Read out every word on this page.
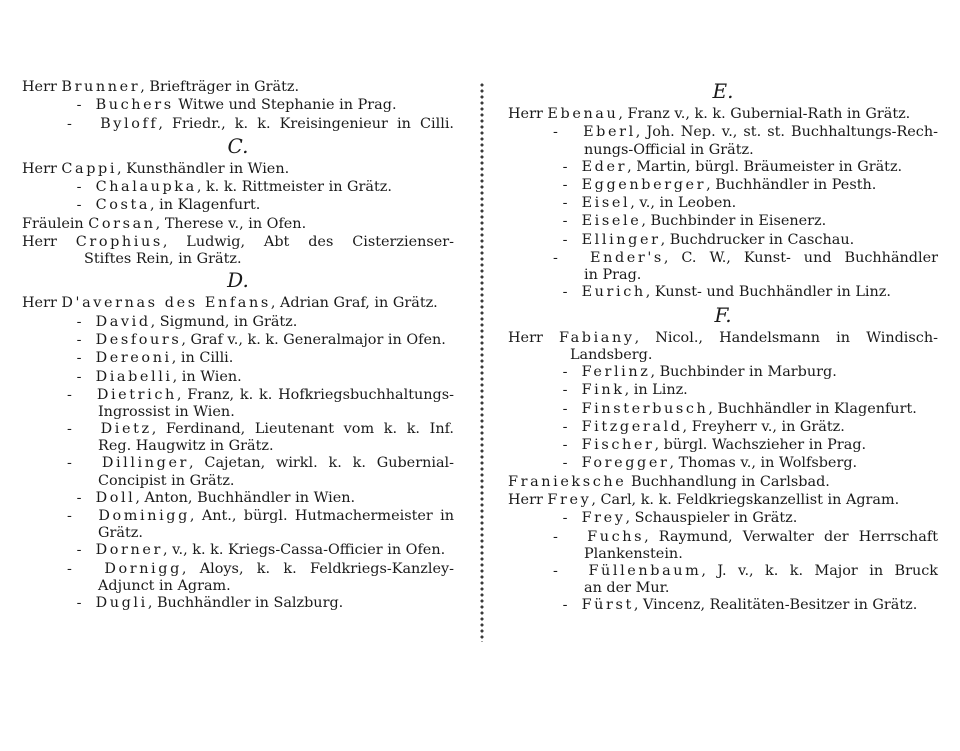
Herr Brunner, Briefträger in Grätz.
- Buchers Witwe und Stephanie in Prag.
- Byloff, Friedr., k. k. Kreisingenieur in Cilli.
C.
Herr Cappi, Kunsthändler in Wien.
- Chalaupka, k. k. Rittmeister in Grätz.
- Costa, in Klagenfurt.
Fräulein Corsan, Therese v., in Ofen.
Herr Crophius, Ludwig, Abt des Cisterzienser-
Stiftes Rein, in Grätz.
D.
Herr D'avernas des Enfans, Adrian Graf, in Grätz.
- David, Sigmund, in Grätz.
- Desfours, Graf v., k. k. Generalmajor in Ofen.
- Dereoni, in Cilli.
- Diabelli, in Wien.
- Dietrich, Franz, k. k. Hofkriegsbuchhaltungs-
Ingrossist in Wien.
- Dietz, Ferdinand, Lieutenant vom k. k. Inf.
Reg. Haugwitz in Grätz.
- Dillinger, Cajetan, wirkl. k. k. Gubernial-
Concipist in Grätz.
- Doll, Anton, Buchhändler in Wien.
- Dominigg, Ant., bürgl. Hutmachermeister in
Grätz.
- Dorner, v., k. k. Kriegs-Cassa-Officier in Ofen.
- Dornigg, Aloys, k. k. Feldkriegs-Kanzley-
Adjunct in Agram.
- Dugli, Buchhändler in Salzburg.
E.
Herr Ebenau, Franz v., k. k. Gubernial-Rath in Grätz.
- Eberl, Joh. Nep. v., st. st. Buchhaltungs-Rech-
nungs-Official in Grätz.
- Eder, Martin, bürgl. Bräumeister in Grätz.
- Eggenberger, Buchhändler in Pesth.
- Eisel, v., in Leoben.
- Eisele, Buchbinder in Eisenerz.
- Ellinger, Buchdrucker in Caschau.
- Ender's, C. W., Kunst- und Buchhändler
in Prag.
- Eurich, Kunst- und Buchhändler in Linz.
F.
Herr Fabiany, Nicol., Handelsmann in Windisch-
Landsberg.
- Ferlinz, Buchbinder in Marburg.
- Fink, in Linz.
- Finsterbusch, Buchhändler in Klagenfurt.
- Fitzgerald, Freyherr v., in Grätz.
- Fischer, bürgl. Wachszieher in Prag.
- Foregger, Thomas v., in Wolfsberg.
Franieksche Buchhandlung in Carlsbad.
Herr Frey, Carl, k. k. Feldkriegskanzellist in Agram.
- Frey, Schauspieler in Grätz.
- Fuchs, Raymund, Verwalter der Herrschaft
Plankenstein.
- Füllenbaum, J. v., k. k. Major in Bruck
an der Mur.
- Fürst, Vincenz, Realitäten-Besitzer in Grätz.
